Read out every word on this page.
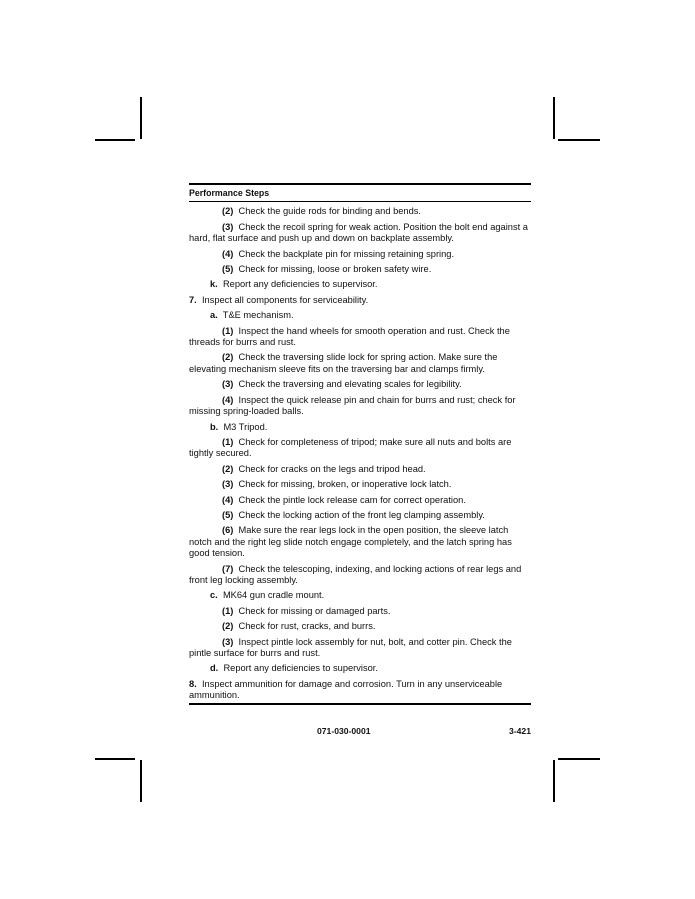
Performance Steps
(2) Check the guide rods for binding and bends.
(3) Check the recoil spring for weak action. Position the bolt end against a hard, flat surface and push up and down on backplate assembly.
(4) Check the backplate pin for missing retaining spring.
(5) Check for missing, loose or broken safety wire.
k. Report any deficiencies to supervisor.
7. Inspect all components for serviceability.
a. T&E mechanism.
(1) Inspect the hand wheels for smooth operation and rust. Check the threads for burrs and rust.
(2) Check the traversing slide lock for spring action. Make sure the elevating mechanism sleeve fits on the traversing bar and clamps firmly.
(3) Check the traversing and elevating scales for legibility.
(4) Inspect the quick release pin and chain for burrs and rust; check for missing spring-loaded balls.
b. M3 Tripod.
(1) Check for completeness of tripod; make sure all nuts and bolts are tightly secured.
(2) Check for cracks on the legs and tripod head.
(3) Check for missing, broken, or inoperative lock latch.
(4) Check the pintle lock release cam for correct operation.
(5) Check the locking action of the front leg clamping assembly.
(6) Make sure the rear legs lock in the open position, the sleeve latch notch and the right leg slide notch engage completely, and the latch spring has good tension.
(7) Check the telescoping, indexing, and locking actions of rear legs and front leg locking assembly.
c. MK64 gun cradle mount.
(1) Check for missing or damaged parts.
(2) Check for rust, cracks, and burrs.
(3) Inspect pintle lock assembly for nut, bolt, and cotter pin. Check the pintle surface for burrs and rust.
d. Report any deficiencies to supervisor.
8. Inspect ammunition for damage and corrosion. Turn in any unserviceable ammunition.
071-030-0001	3-421
